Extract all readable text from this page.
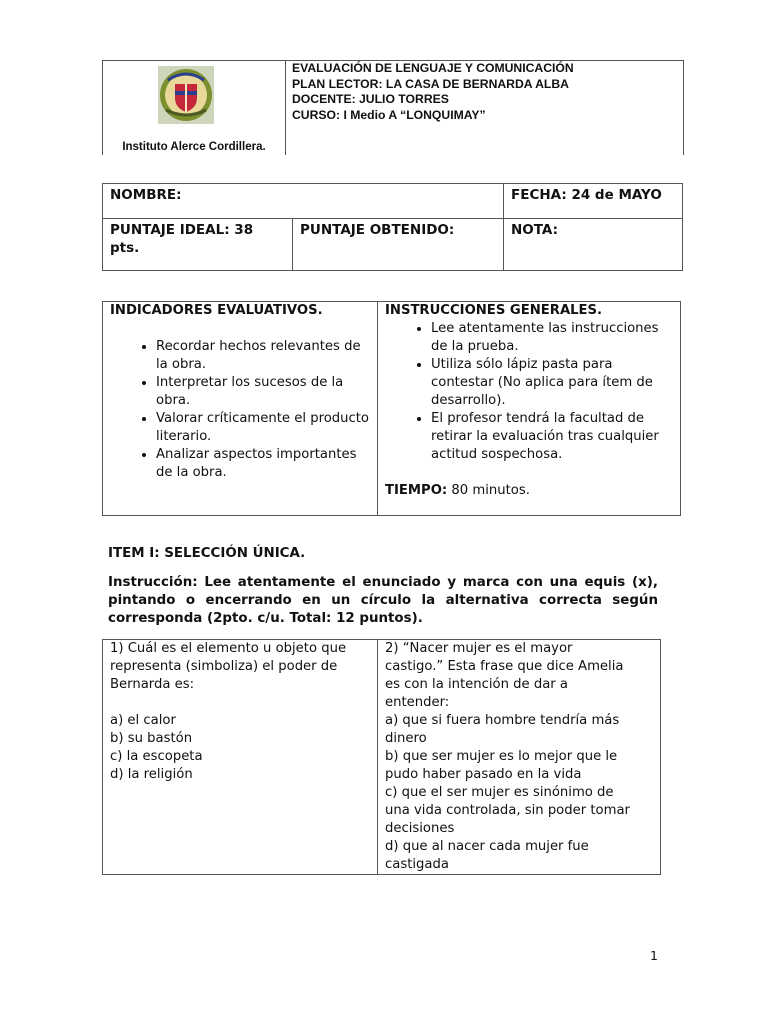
Instituto Alerce Cordillera.
EVALUACIÓN DE LENGUAJE Y COMUNICACIÓN
PLAN LECTOR: LA CASA DE BERNARDA ALBA
DOCENTE: JULIO TORRES
CURSO: I Medio A “LONQUIMAY”
NOMBRE:		FECHA: 24 de MAYO
PUNTAJE IDEAL: 38 pts.	PUNTAJE OBTENIDO:	NOTA:
INDICADORES EVALUATIVOS.
• Recordar hechos relevantes de la obra.
• Interpretar los sucesos de la obra.
• Valorar críticamente el producto literario.
• Analizar aspectos importantes de la obra.

INSTRUCCIONES GENERALES.
• Lee atentamente las instrucciones de la prueba.
• Utiliza sólo lápiz pasta para contestar (No aplica para ítem de desarrollo).
• El profesor tendrá la facultad de retirar la evaluación tras cualquier actitud sospechosa.
TIEMPO: 80 minutos.
ITEM I: SELECCIÓN ÚNICA.
Instrucción: Lee atentamente el enunciado y marca con una equis (x), pintando o encerrando en un círculo la alternativa correcta según corresponda (2pto. c/u. Total: 12 puntos).
1) Cuál es el elemento u objeto que
representa (simboliza) el poder de
Bernarda es:
a) el calor
b) su bastón
c) la escopeta
d) la religión

2) “Nacer mujer es el mayor
castigo.” Esta frase que dice Amelia
es con la intención de dar a
entender:
a) que si fuera hombre tendría más
dinero
b) que ser mujer es lo mejor que le
pudo haber pasado en la vida
c) que el ser mujer es sinónimo de
una vida controlada, sin poder tomar
decisiones
d) que al nacer cada mujer fue
castigada
1
